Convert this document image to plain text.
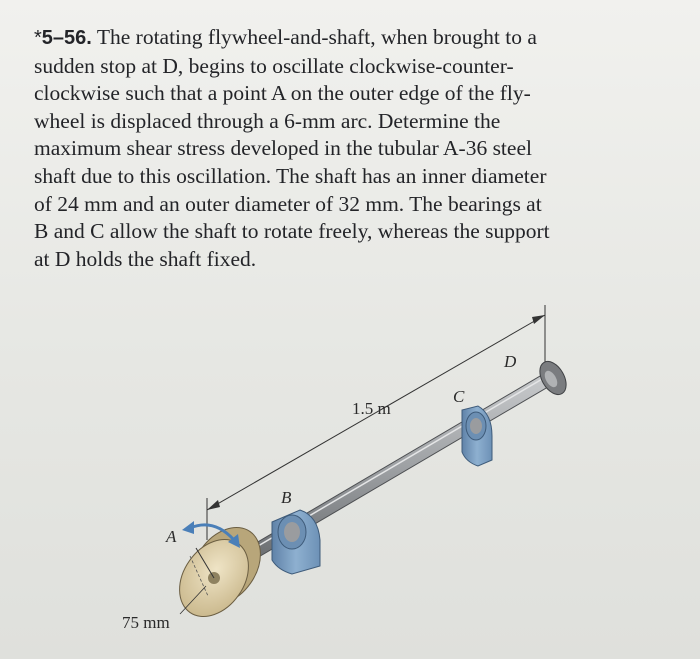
*5–56. The rotating flywheel-and-shaft, when brought to a
sudden stop at D, begins to oscillate clockwise-counter-
clockwise such that a point A on the outer edge of the fly-
wheel is displaced through a 6-mm arc. Determine the
maximum shear stress developed in the tubular A-36 steel
shaft due to this oscillation. The shaft has an inner diameter
of 24 mm and an outer diameter of 32 mm. The bearings at
B and C allow the shaft to rotate freely, whereas the support
at D holds the shaft fixed.
D
C
B
A
1.5 m
75 mm
